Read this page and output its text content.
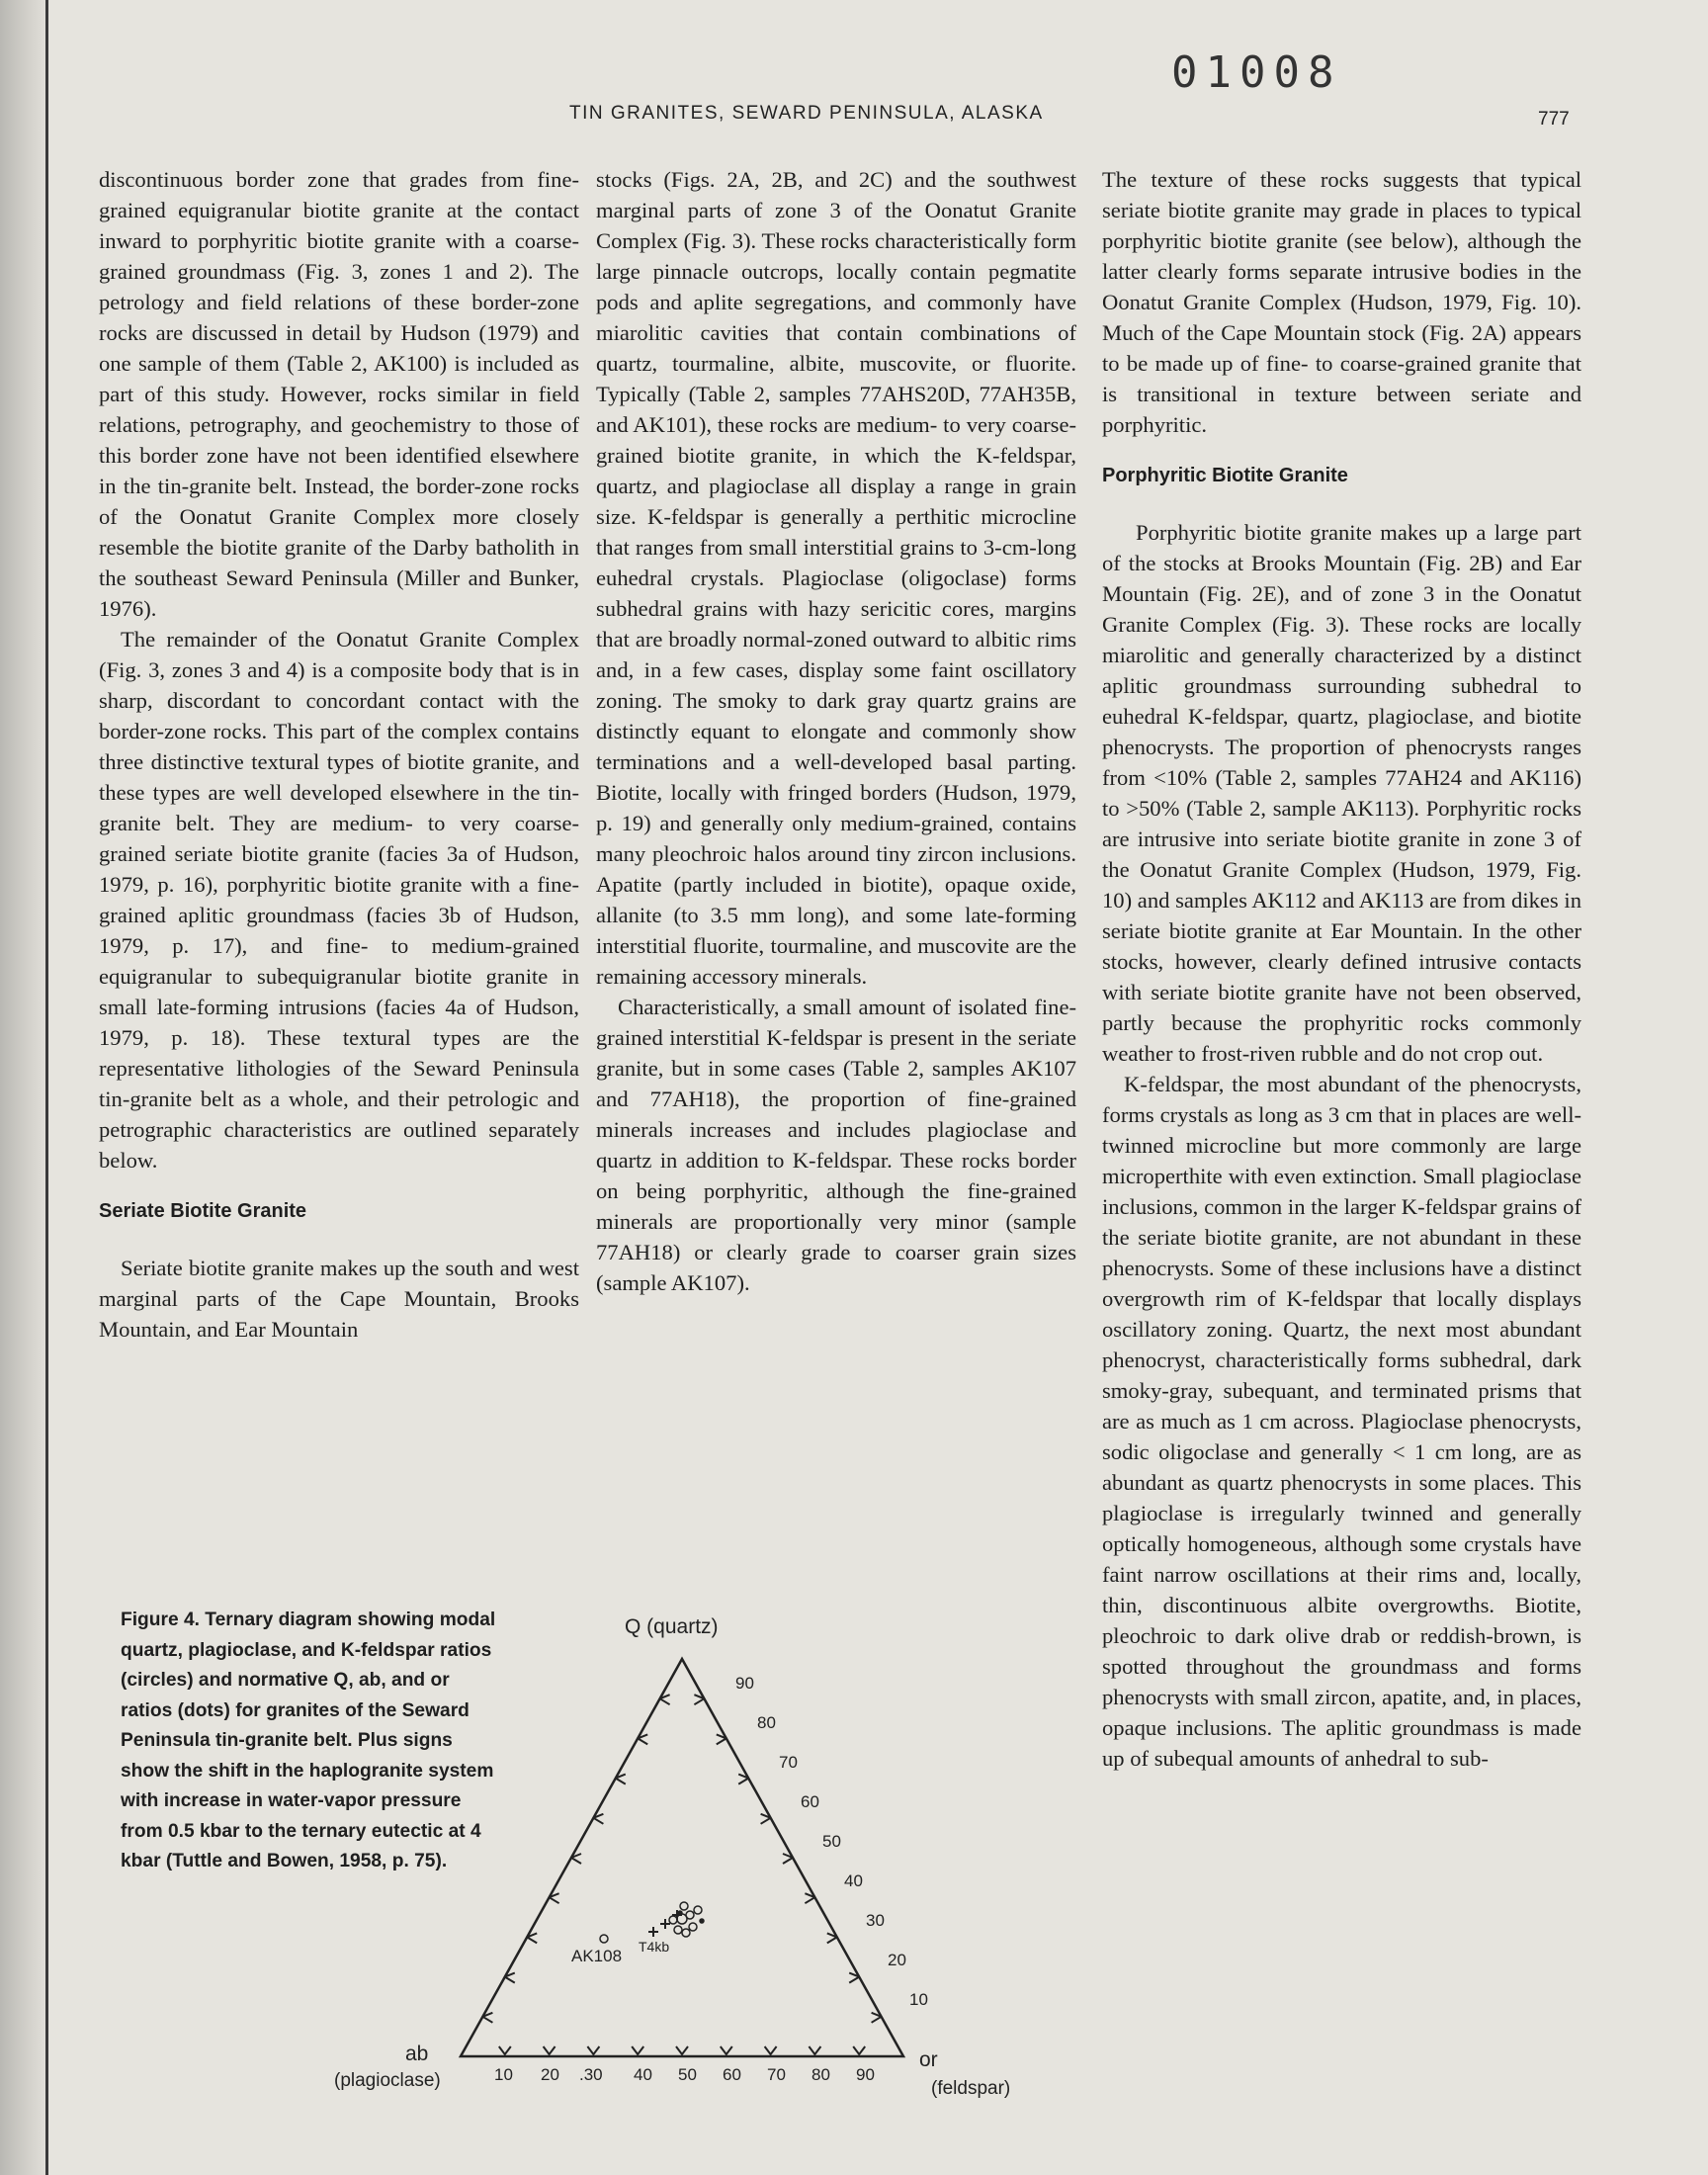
01008
TIN GRANITES, SEWARD PENINSULA, ALASKA	777

discontinuous border zone that grades from fine-grained equigranular biotite granite at the contact inward to porphyritic biotite granite with a coarse-grained groundmass (Fig. 3, zones 1 and 2). The petrology and field relations of these border-zone rocks are discussed in detail by Hudson (1979) and one sample of them (Table 2, AK100) is included as part of this study. However, rocks similar in field relations, petrography, and geochemistry to those of this border zone have not been identified elsewhere in the tin-granite belt. Instead, the border-zone rocks of the Oonatut Granite Complex more closely resemble the biotite granite of the Darby batholith in the southeast Seward Peninsula (Miller and Bunker, 1976).

The remainder of the Oonatut Granite Complex (Fig. 3, zones 3 and 4) is a composite body that is in sharp, discordant to concordant contact with the border-zone rocks. This part of the complex contains three distinctive textural types of biotite granite, and these types are well developed elsewhere in the tin-granite belt. They are medium- to very coarse-grained seriate biotite granite (facies 3a of Hudson, 1979, p. 16), porphyritic biotite granite with a fine-grained aplitic groundmass (facies 3b of Hudson, 1979, p. 17), and fine- to medium-grained equigranular to subequigranular biotite granite in small late-forming intrusions (facies 4a of Hudson, 1979, p. 18). These textural types are the representative lithologies of the Seward Peninsula tin-granite belt as a whole, and their petrologic and petrographic characteristics are outlined separately below.

Seriate Biotite Granite

Seriate biotite granite makes up the south and west marginal parts of the Cape Mountain, Brooks Mountain, and Ear Mountain

stocks (Figs. 2A, 2B, and 2C) and the southwest marginal parts of zone 3 of the Oonatut Granite Complex (Fig. 3). These rocks characteristically form large pinnacle outcrops, locally contain pegmatite pods and aplite segregations, and commonly have miarolitic cavities that contain combinations of quartz, tourmaline, albite, muscovite, or fluorite. Typically (Table 2, samples 77AHS20D, 77AH35B, and AK101), these rocks are medium- to very coarse-grained biotite granite, in which the K-feldspar, quartz, and plagioclase all display a range in grain size. K-feldspar is generally a perthitic microcline that ranges from small interstitial grains to 3-cm-long euhedral crystals. Plagioclase (oligoclase) forms subhedral grains with hazy sericitic cores, margins that are broadly normal-zoned outward to albitic rims and, in a few cases, display some faint oscillatory zoning. The smoky to dark gray quartz grains are distinctly equant to elongate and commonly show terminations and a well-developed basal parting. Biotite, locally with fringed borders (Hudson, 1979, p. 19) and generally only medium-grained, contains many pleochroic halos around tiny zircon inclusions. Apatite (partly included in biotite), opaque oxide, allanite (to 3.5 mm long), and some late-forming interstitial fluorite, tourmaline, and muscovite are the remaining accessory minerals.

Characteristically, a small amount of isolated fine-grained interstitial K-feldspar is present in the seriate granite, but in some cases (Table 2, samples AK107 and 77AH18), the proportion of fine-grained minerals increases and includes plagioclase and quartz in addition to K-feldspar. These rocks border on being porphyritic, although the fine-grained minerals are proportionally very minor (sample 77AH18) or clearly grade to coarser grain sizes (sample AK107).

The texture of these rocks suggests that typical seriate biotite granite may grade in places to typical porphyritic biotite granite (see below), although the latter clearly forms separate intrusive bodies in the Oonatut Granite Complex (Hudson, 1979, Fig. 10). Much of the Cape Mountain stock (Fig. 2A) appears to be made up of fine- to coarse-grained granite that is transitional in texture between seriate and porphyritic.

Porphyritic Biotite Granite

Porphyritic biotite granite makes up a large part of the stocks at Brooks Mountain (Fig. 2B) and Ear Mountain (Fig. 2E), and of zone 3 in the Oonatut Granite Complex (Fig. 3). These rocks are locally miarolitic and generally characterized by a distinct aplitic groundmass surrounding subhedral to euhedral K-feldspar, quartz, plagioclase, and biotite phenocrysts. The proportion of phenocrysts ranges from <10% (Table 2, samples 77AH24 and AK116) to >50% (Table 2, sample AK113). Porphyritic rocks are intrusive into seriate biotite granite in zone 3 of the Oonatut Granite Complex (Hudson, 1979, Fig. 10) and samples AK112 and AK113 are from dikes in seriate biotite granite at Ear Mountain. In the other stocks, however, clearly defined intrusive contacts with seriate biotite granite have not been observed, partly because the prophyritic rocks commonly weather to frost-riven rubble and do not crop out.

K-feldspar, the most abundant of the phenocrysts, forms crystals as long as 3 cm that in places are well-twinned microcline but more commonly are large microperthite with even extinction. Small plagioclase inclusions, common in the larger K-feldspar grains of the seriate biotite granite, are not abundant in these phenocrysts. Some of these inclusions have a distinct overgrowth rim of K-feldspar that locally displays oscillatory zoning. Quartz, the next most abundant phenocryst, characteristically forms subhedral, dark smoky-gray, subequant, and terminated prisms that are as much as 1 cm across. Plagioclase phenocrysts, sodic oligoclase and generally < 1 cm long, are as abundant as quartz phenocrysts in some places. This plagioclase is irregularly twinned and generally optically homogeneous, although some crystals have faint narrow oscillations at their rims and, locally, thin, discontinuous albite overgrowths. Biotite, pleochroic to dark olive drab or reddish-brown, is spotted throughout the groundmass and forms phenocrysts with small zircon, apatite, and, in places, opaque inclusions. The aplitic groundmass is made up of subequal amounts of anhedral to sub-

Figure 4. Ternary diagram showing modal quartz, plagioclase, and K-feldspar ratios (circles) and normative Q, ab, and or ratios (dots) for granites of the Seward Peninsula tin-granite belt. Plus signs show the shift in the haplogranite system with increase in water-vapor pressure from 0.5 kbar to the ternary eutectic at 4 kbar (Tuttle and Bowen, 1958, p. 75).
Q (quartz)
ab
(plagioclase)
or
(feldspar)
10 20 .30 40 50 60 70 80 90
90
80
70
60
50
40
30
20
10
AK108 T4kb
